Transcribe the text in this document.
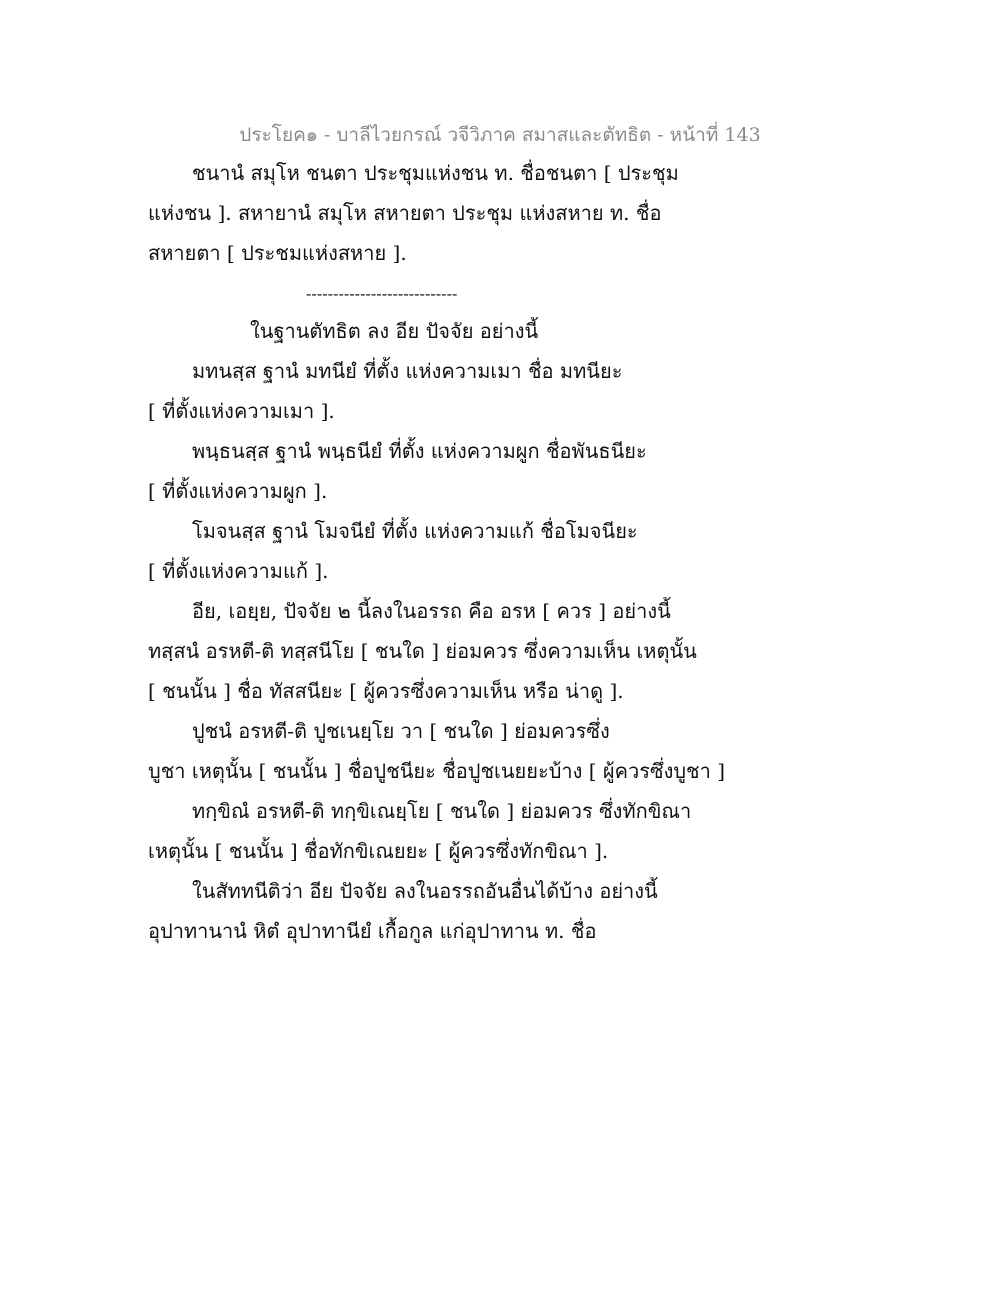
ประโยค๑ - บาลีไวยกรณ์ วจีวิภาค สมาสและตัทธิต - หน้าที่ 143
ชนานํ สมุโห ชนตา ประชุมแห่งชน ท. ชื่อชนตา [ ประชุม
แห่งชน ]. สหายานํ สมุโห สหายตา ประชุม แห่งสหาย ท. ชื่อ
สหายตา [ ประชมแห่งสหาย ].
----------------------------
ในฐานตัทธิต ลง อีย ปัจจัย อย่างนี้
มทนสฺส ฐานํ มทนียํ ที่ตั้ง แห่งความเมา ชื่อ มทนียะ
[ ที่ตั้งแห่งความเมา ].
พนฺธนสฺส ฐานํ พนฺธนียํ ที่ตั้ง แห่งความผูก ชื่อพันธนียะ
[ ที่ตั้งแห่งความผูก ].
โมจนสฺส ฐานํ โมจนียํ ที่ตั้ง แห่งความแก้ ชื่อโมจนียะ
[ ที่ตั้งแห่งความแก้ ].
อีย, เอยฺย, ปัจจัย ๒ นี้ลงในอรรถ คือ อรห [ ควร ] อย่างนี้
ทสฺสนํ อรหตี-ติ ทสฺสนีโย [ ชนใด ] ย่อมควร ซึ่งความเห็น เหตุนั้น
[ ชนนั้น ] ชื่อ ทัสสนียะ [ ผู้ควรซึ่งความเห็น หรือ น่าดู ].
ปูชนํ อรหตี-ติ ปูชเนยฺโย วา [ ชนใด ] ย่อมควรซึ่ง
บูชา เหตุนั้น [ ชนนั้น ] ชื่อปูชนียะ ชื่อปูชเนยยะบ้าง [ ผู้ควรซึ่งบูชา ]
ทกฺขิณํ อรหตี-ติ ทกฺขิเณยฺโย [ ชนใด ] ย่อมควร ซึ่งทักขิณา
เหตุนั้น [ ชนนั้น ] ชื่อทักขิเณยยะ [ ผู้ควรซึ่งทักขิณา ].
ในสัททนีติว่า อีย ปัจจัย ลงในอรรถอันอื่นได้บ้าง อย่างนี้
อุปาทานานํ หิตํ อุปาทานียํ เกื้อกูล แก่อุปาทาน ท. ชื่อ
